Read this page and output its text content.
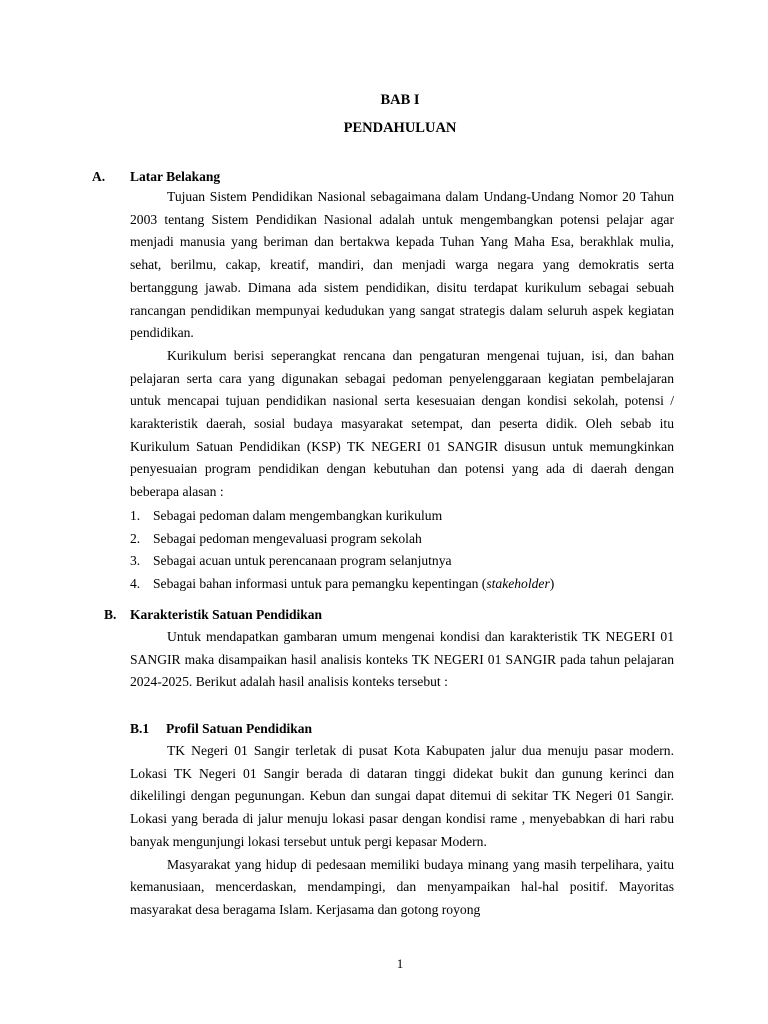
BAB I
PENDAHULUAN
A. Latar Belakang

Tujuan Sistem Pendidikan Nasional sebagaimana dalam Undang-Undang Nomor 20 Tahun 2003 tentang Sistem Pendidikan Nasional adalah untuk mengembangkan potensi pelajar agar menjadi manusia yang beriman dan bertakwa kepada Tuhan Yang Maha Esa, berakhlak mulia, sehat, berilmu, cakap, kreatif, mandiri, dan menjadi warga negara yang demokratis serta bertanggung jawab. Dimana ada sistem pendidikan, disitu terdapat kurikulum sebagai sebuah rancangan pendidikan mempunyai kedudukan yang sangat strategis dalam seluruh aspek kegiatan pendidikan.

Kurikulum berisi seperangkat rencana dan pengaturan mengenai tujuan, isi, dan bahan pelajaran serta cara yang digunakan sebagai pedoman penyelenggaraan kegiatan pembelajaran untuk mencapai tujuan pendidikan nasional serta kesesuaian dengan kondisi sekolah, potensi / karakteristik daerah, sosial budaya masyarakat setempat, dan peserta didik. Oleh sebab itu Kurikulum Satuan Pendidikan (KSP) TK NEGERI 01 SANGIR disusun untuk memungkinkan penyesuaian program pendidikan dengan kebutuhan dan potensi yang ada di daerah dengan beberapa alasan :

1. Sebagai pedoman dalam mengembangkan kurikulum
2. Sebagai pedoman mengevaluasi program sekolah
3. Sebagai acuan untuk perencanaan program selanjutnya
4. Sebagai bahan informasi untuk para pemangku kepentingan (stakeholder)
B. Karakteristik Satuan Pendidikan

Untuk mendapatkan gambaran umum mengenai kondisi dan karakteristik TK NEGERI 01 SANGIR maka disampaikan hasil analisis konteks TK NEGERI 01 SANGIR pada tahun pelajaran 2024-2025. Berikut adalah hasil analisis konteks tersebut :

B.1 Profil Satuan Pendidikan

TK Negeri 01 Sangir terletak di pusat Kota Kabupaten jalur dua menuju pasar modern. Lokasi TK Negeri 01 Sangir berada di dataran tinggi didekat bukit dan gunung kerinci dan dikelilingi dengan pegunungan. Kebun dan sungai dapat ditemui di sekitar TK Negeri 01 Sangir. Lokasi yang berada di jalur menuju lokasi pasar dengan kondisi rame , menyebabkan di hari rabu banyak mengunjungi lokasi tersebut untuk pergi kepasar Modern.

Masyarakat yang hidup di pedesaan memiliki budaya minang yang masih terpelihara, yaitu kemanusiaan, mencerdaskan, mendampingi, dan menyampaikan hal-hal positif. Mayoritas masyarakat desa beragama Islam. Kerjasama dan gotong royong

1
